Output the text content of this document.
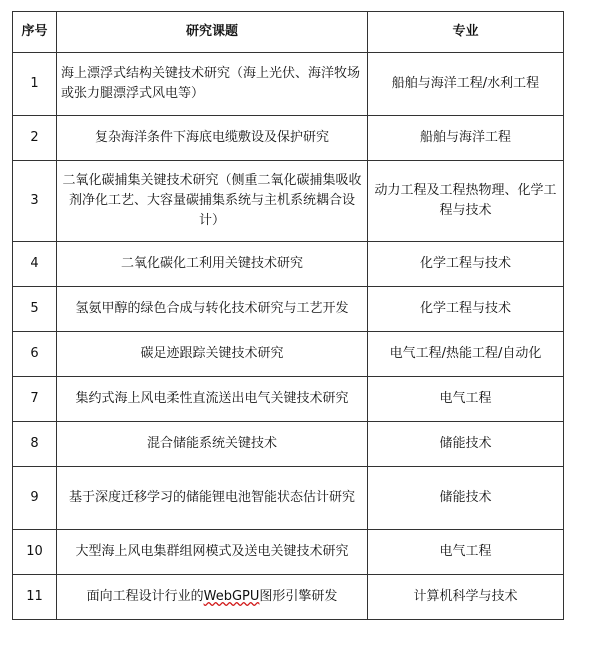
序号	研究课题	专业
1	海上漂浮式结构关键技术研究（海上光伏、海洋牧场或张力腿漂浮式风电等）	船舶与海洋工程/水利工程
2	复杂海洋条件下海底电缆敷设及保护研究	船舶与海洋工程
3	二氧化碳捕集关键技术研究（侧重二氧化碳捕集吸收剂净化工艺、大容量碳捕集系统与主机系统耦合设计）	动力工程及工程热物理、化学工程与技术
4	二氧化碳化工利用关键技术研究	化学工程与技术
5	氢氨甲醇的绿色合成与转化技术研究与工艺开发	化学工程与技术
6	碳足迹跟踪关键技术研究	电气工程/热能工程/自动化
7	集约式海上风电柔性直流送出电气关键技术研究	电气工程
8	混合储能系统关键技术	储能技术
9	基于深度迁移学习的储能锂电池智能状态估计研究	储能技术
10	大型海上风电集群组网模式及送电关键技术研究	电气工程
11	面向工程设计行业的WebGPU图形引擎研发	计算机科学与技术
